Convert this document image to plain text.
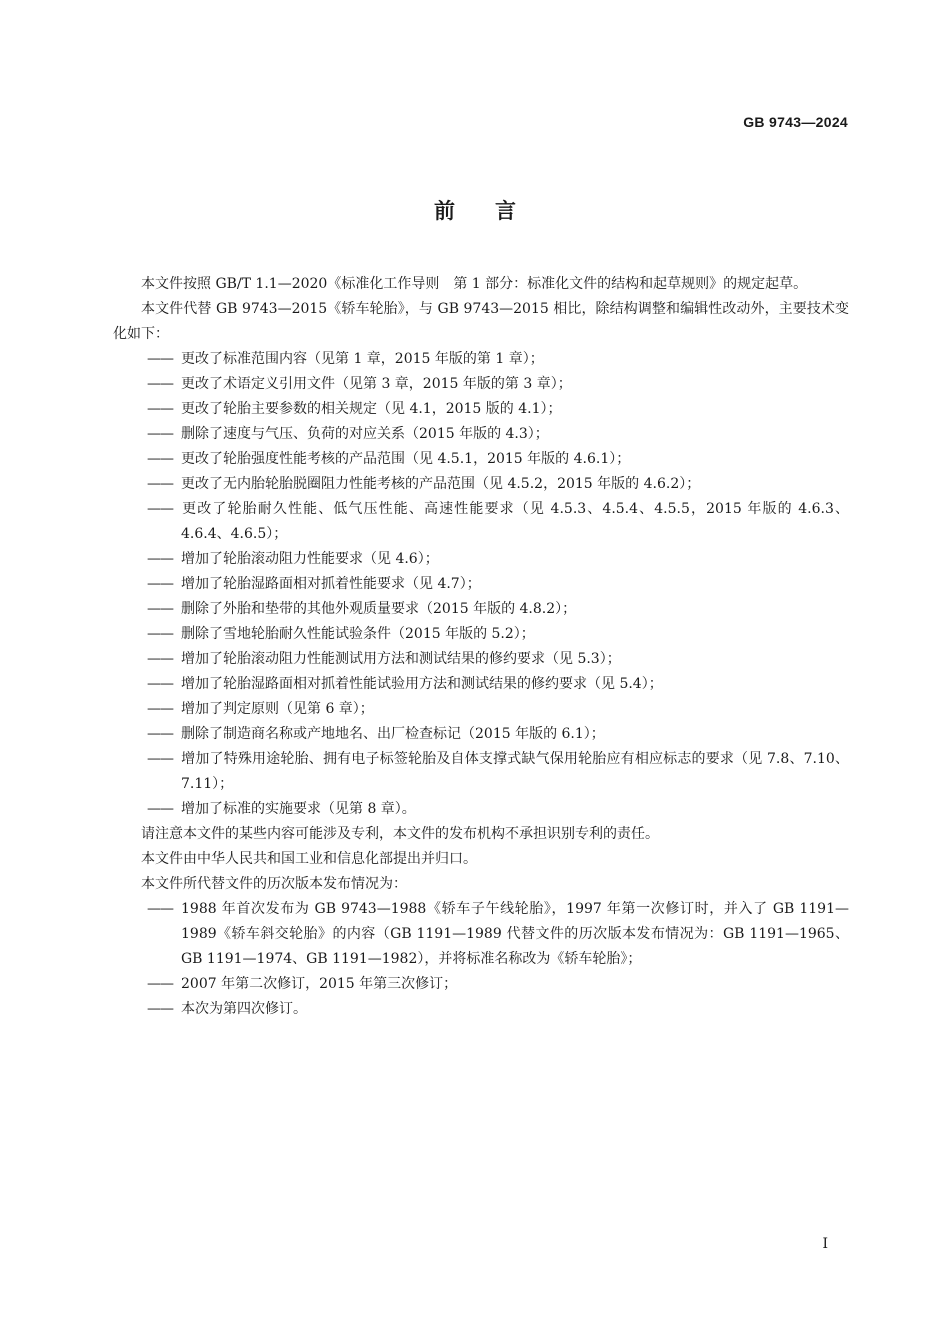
GB 9743—2024
前言

本文件按照 GB/T 1.1—2020《标准化工作导则　第 1 部分：标准化文件的结构和起草规则》的规定起草。

本文件代替 GB 9743—2015《轿车轮胎》，与 GB 9743—2015 相比，除结构调整和编辑性改动外，主要技术变化如下：

—— 更改了标准范围内容（见第 1 章，2015 年版的第 1 章）；

—— 更改了术语定义引用文件（见第 3 章，2015 年版的第 3 章）；

—— 更改了轮胎主要参数的相关规定（见 4.1，2015 版的 4.1）；

—— 删除了速度与气压、负荷的对应关系（2015 年版的 4.3）；

—— 更改了轮胎强度性能考核的产品范围（见 4.5.1，2015 年版的 4.6.1）；

—— 更改了无内胎轮胎脱圈阻力性能考核的产品范围（见 4.5.2，2015 年版的 4.6.2）；

—— 更改了轮胎耐久性能、低气压性能、高速性能要求（见 4.5.3、4.5.4、4.5.5，2015 年版的 4.6.3、4.6.4、4.6.5）；

—— 增加了轮胎滚动阻力性能要求（见 4.6）；

—— 增加了轮胎湿路面相对抓着性能要求（见 4.7）；

—— 删除了外胎和垫带的其他外观质量要求（2015 年版的 4.8.2）；

—— 删除了雪地轮胎耐久性能试验条件（2015 年版的 5.2）；

—— 增加了轮胎滚动阻力性能测试用方法和测试结果的修约要求（见 5.3）；

—— 增加了轮胎湿路面相对抓着性能试验用方法和测试结果的修约要求（见 5.4）；

—— 增加了判定原则（见第 6 章）；

—— 删除了制造商名称或产地地名、出厂检查标记（2015 年版的 6.1）；

—— 增加了特殊用途轮胎、拥有电子标签轮胎及自体支撑式缺气保用轮胎应有相应标志的要求（见 7.8、7.10、7.11）；

—— 增加了标准的实施要求（见第 8 章）。

请注意本文件的某些内容可能涉及专利，本文件的发布机构不承担识别专利的责任。

本文件由中华人民共和国工业和信息化部提出并归口。

本文件所代替文件的历次版本发布情况为：

—— 1988 年首次发布为 GB 9743—1988《轿车子午线轮胎》，1997 年第一次修订时，并入了 GB 1191—1989《轿车斜交轮胎》的内容（GB 1191—1989 代替文件的历次版本发布情况为：GB 1191—1965、GB 1191—1974、GB 1191—1982），并将标准名称改为《轿车轮胎》；

—— 2007 年第二次修订，2015 年第三次修订；

—— 本次为第四次修订。

I
